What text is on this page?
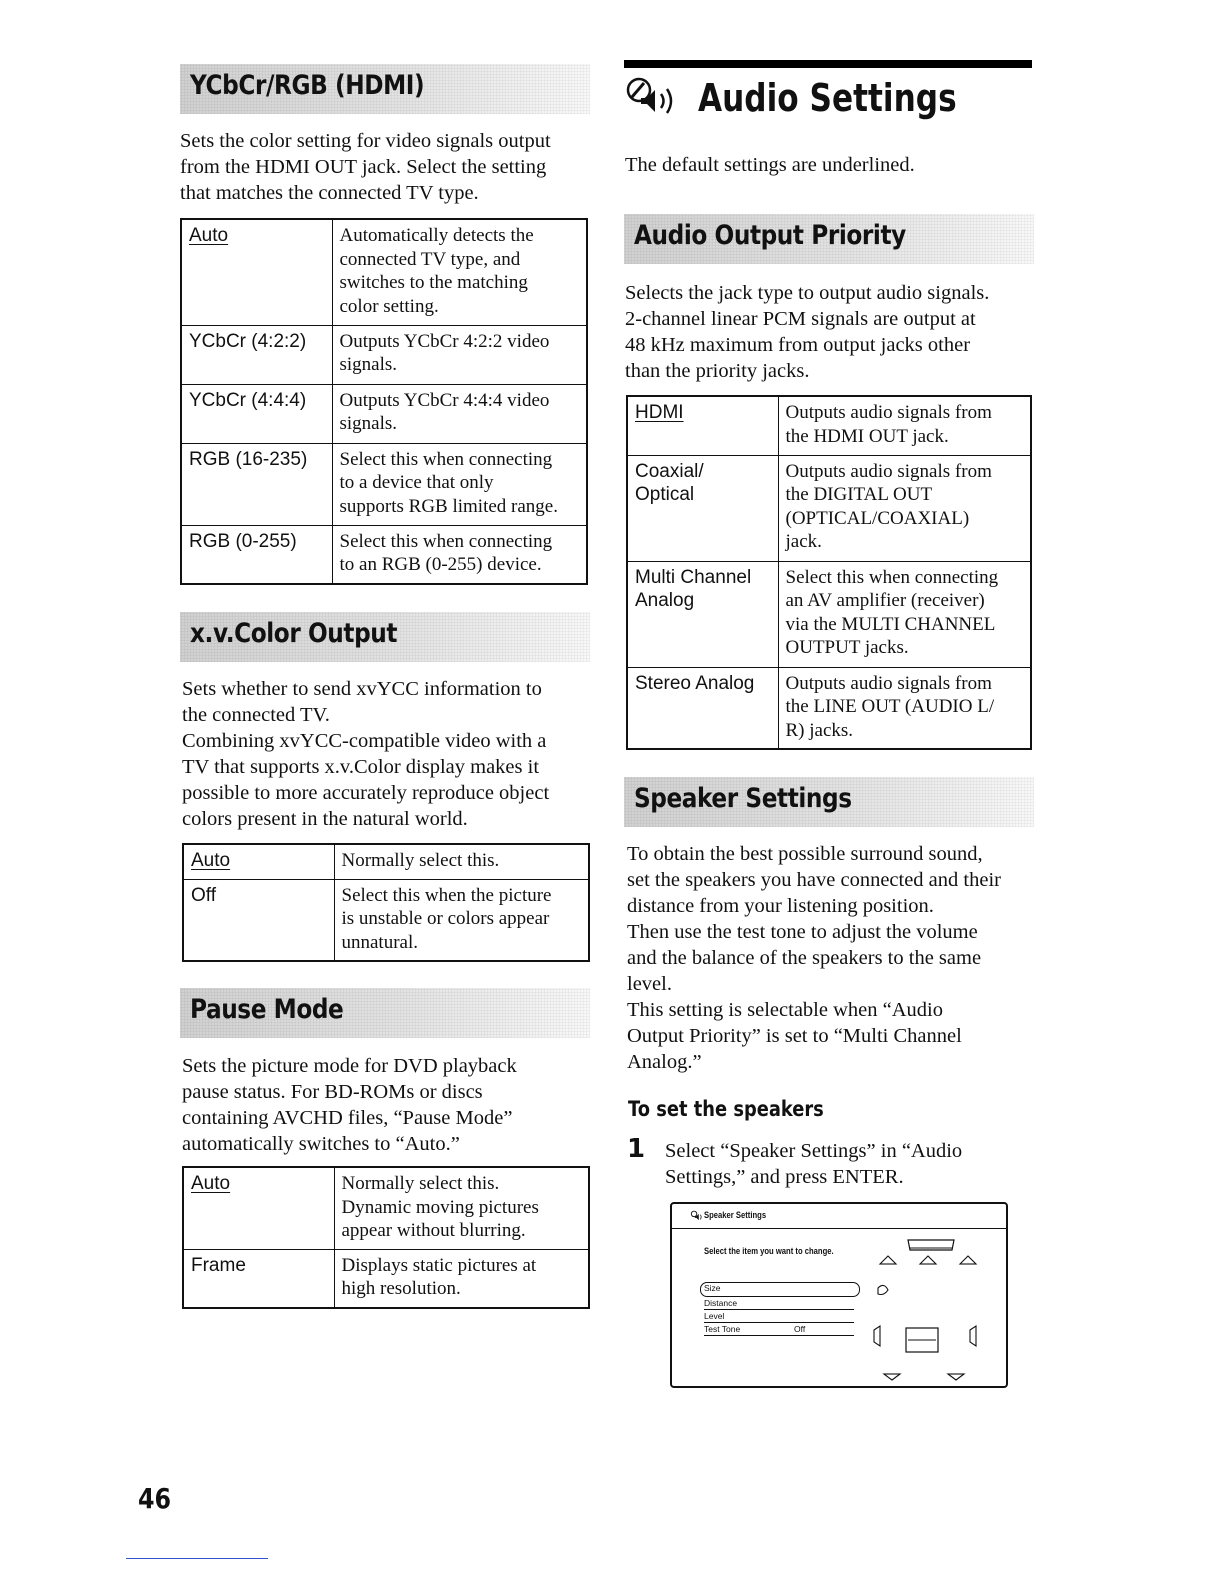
YCbCr/RGB (HDMI)

Sets the color setting for video signals output
from the HDMI OUT jack. Select the setting
that matches the connected TV type.

Auto	Automatically detects the
connected TV type, and
switches to the matching
color setting.
YCbCr (4:2:2)	Outputs YCbCr 4:2:2 video
signals.
YCbCr (4:4:4)	Outputs YCbCr 4:4:4 video
signals.
RGB (16-235)	Select this when connecting
to a device that only
supports RGB limited range.
RGB (0-255)	Select this when connecting
to an RGB (0-255) device.
x.v.Color Output

Sets whether to send xvYCC information to
the connected TV.
Combining xvYCC-compatible video with a
TV that supports x.v.Color display makes it
possible to more accurately reproduce object
colors present in the natural world.

Auto	Normally select this.
Off	Select this when the picture
is unstable or colors appear
unnatural.
Pause Mode

Sets the picture mode for DVD playback
pause status. For BD-ROMs or discs
containing AVCHD files, “Pause Mode”
automatically switches to “Auto.”

Auto	Normally select this.
Dynamic moving pictures
appear without blurring.
Frame	Displays static pictures at
high resolution.
Audio Settings

The default settings are underlined.

Audio Output Priority

Selects the jack type to output audio signals.
2-channel linear PCM signals are output at
48 kHz maximum from output jacks other
than the priority jacks.

HDMI	Outputs audio signals from
the HDMI OUT jack.
Coaxial/
Optical	Outputs audio signals from
the DIGITAL OUT
(OPTICAL/COAXIAL)
jack.
Multi Channel
Analog	Select this when connecting
an AV amplifier (receiver)
via the MULTI CHANNEL
OUTPUT jacks.
Stereo Analog	Outputs audio signals from
the LINE OUT (AUDIO L/
R) jacks.
Speaker Settings

To obtain the best possible surround sound,
set the speakers you have connected and their
distance from your listening position.
Then use the test tone to adjust the volume
and the balance of the speakers to the same
level.
This setting is selectable when “Audio
Output Priority” is set to “Multi Channel
Analog.”

To set the speakers
1 Select “Speaker Settings” in “Audio
Settings,” and press ENTER.

Speaker Settings
Select the item you want to change.
Size
Distance
Level
Test Tone	Off
46
